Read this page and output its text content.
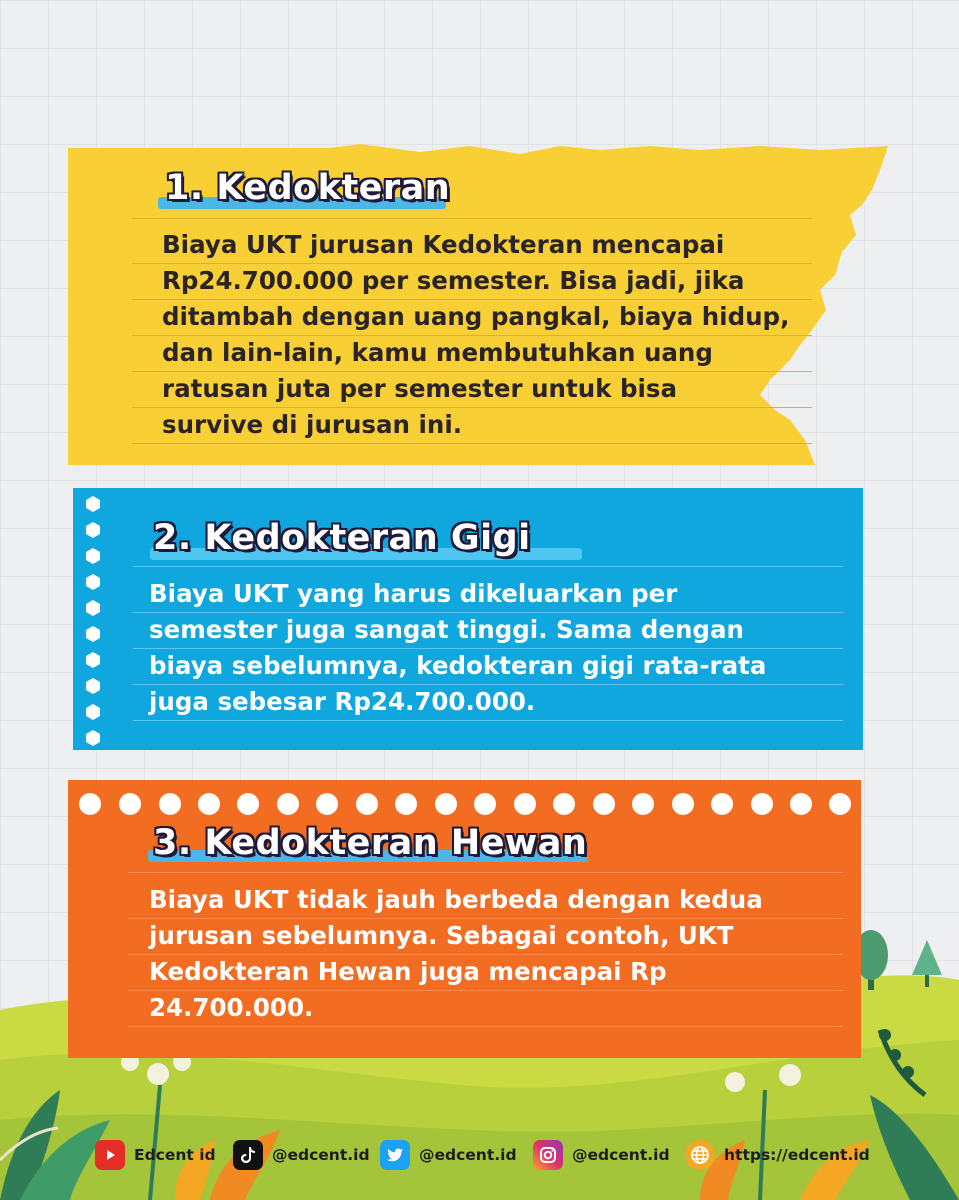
1. Kedokteran

Biaya UKT jurusan Kedokteran mencapai

Rp24.700.000 per semester. Bisa jadi, jika

ditambah dengan uang pangkal, biaya hidup,

dan lain-lain, kamu membutuhkan uang

ratusan juta per semester untuk bisa

survive di jurusan ini.

2. Kedokteran Gigi

Biaya UKT yang harus dikeluarkan per

semester juga sangat tinggi. Sama dengan

biaya sebelumnya, kedokteran gigi rata-rata

juga sebesar Rp24.700.000.

3. Kedokteran Hewan

Biaya UKT tidak jauh berbeda dengan kedua

jurusan sebelumnya. Sebagai contoh, UKT

Kedokteran Hewan juga mencapai Rp

24.700.000.

Edcent id	@edcent.id	@edcent.id	@edcent.id	https://edcent.id
